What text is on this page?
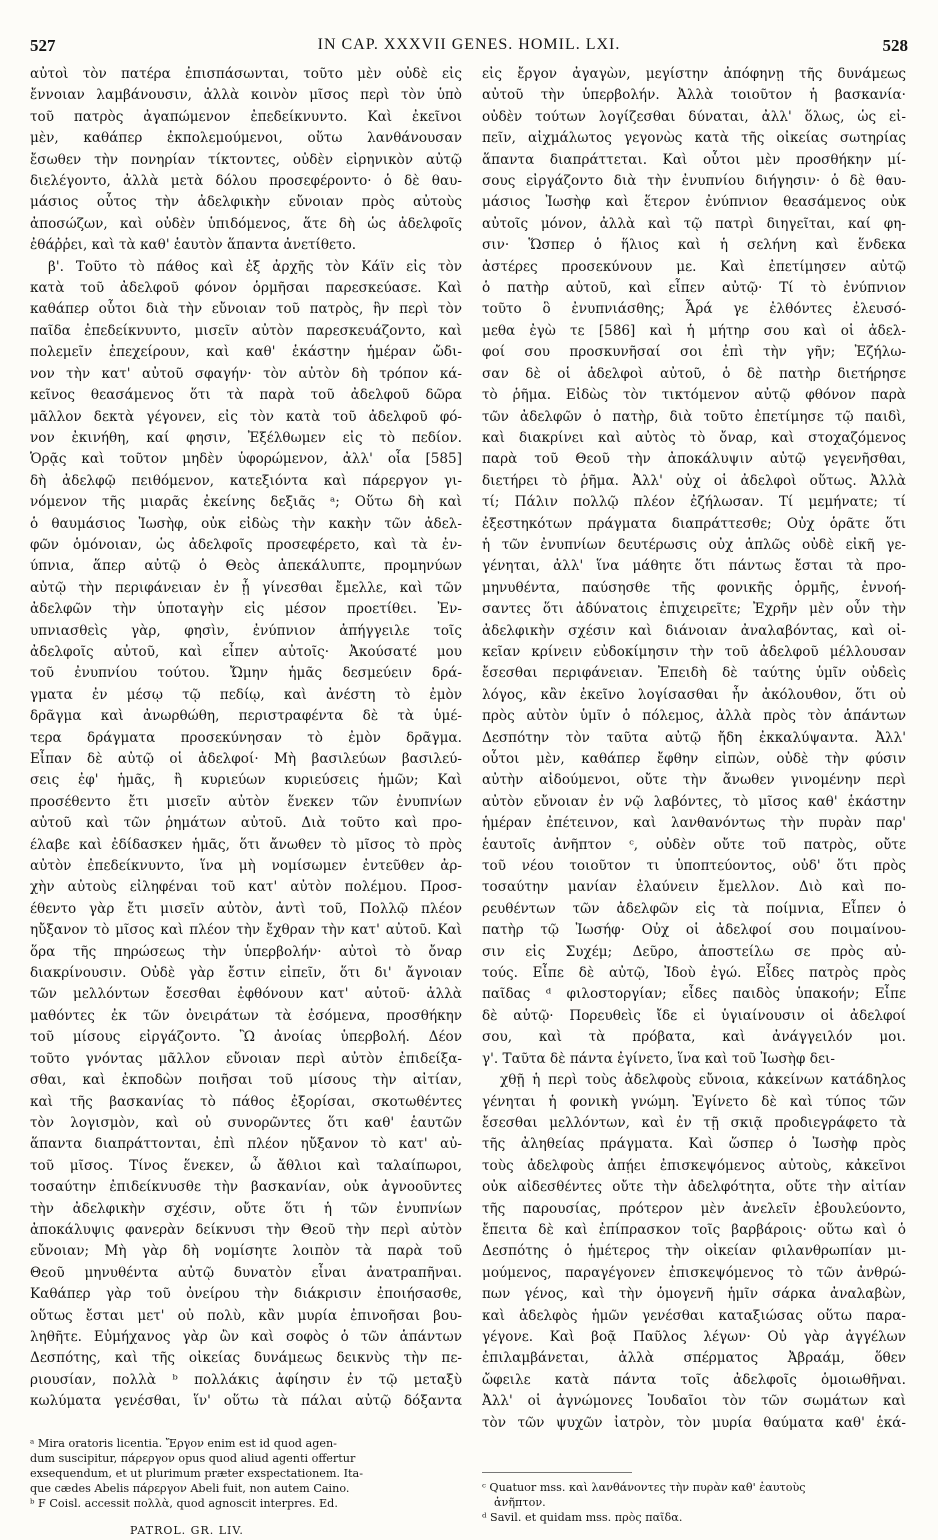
527	IN CAP. XXXVII GENES. HOMIL. LXI.	528
αὐτοὶ τὸν πατέρα ἐπισπάσωνται, τοῦτο μὲν οὐδὲ εἰς
ἔννοιαν λαμβάνουσιν, ἀλλὰ κοινὸν μῖσος περὶ τὸν ὑπὸ
τοῦ πατρὸς ἀγαπώμενον ἐπεδείκνυντο. Καὶ ἐκεῖνοι
μὲν, καθάπερ ἐκπολεμούμενοι, οὕτω λανθάνουσαν
ἔσωθεν τὴν πονηρίαν τίκτοντες, οὐδὲν εἰρηνικὸν αὐτῷ
διελέγοντο, ἀλλὰ μετὰ δόλου προσεφέροντο· ὁ δὲ θαυ-
μάσιος οὗτος τὴν ἀδελφικὴν εὔνοιαν πρὸς αὐτοὺς
ἀποσώζων, καὶ οὐδὲν ὑπιδόμενος, ἅτε δὴ ὡς ἀδελφοῖς
ἐθάῤῥει, καὶ τὰ καθ' ἑαυτὸν ἅπαντα ἀνετίθετο.
β'. Τοῦτο τὸ πάθος καὶ ἐξ ἀρχῆς τὸν Κάϊν εἰς τὸν
κατὰ τοῦ ἀδελφοῦ φόνον ὁρμῆσαι παρεσκεύασε. Καὶ
καθάπερ οὗτοι διὰ τὴν εὔνοιαν τοῦ πατρὸς, ἣν περὶ τὸν
παῖδα ἐπεδείκνυντο, μισεῖν αὐτὸν παρεσκευάζοντο, καὶ
πολεμεῖν ἐπεχείρουν, καὶ καθ' ἑκάστην ἡμέραν ὤδι-
νον τὴν κατ' αὐτοῦ σφαγήν· τὸν αὐτὸν δὴ τρόπον κά-
κεῖνος θεασάμενος ὅτι τὰ παρὰ τοῦ ἀδελφοῦ δῶρα
μᾶλλον δεκτὰ γέγονεν, εἰς τὸν κατὰ τοῦ ἀδελφοῦ φό-
νον ἐκινήθη, καί φησιν, Ἐξέλθωμεν εἰς τὸ πεδίον.
Ὁρᾷς καὶ τοῦτον μηδὲν ὑφορώμενον, ἀλλ' οἷα [585]
δὴ ἀδελφῷ πειθόμενον, κατεξιόντα καὶ πάρεργον γι-
νόμενον τῆς μιαρᾶς ἐκείνης δεξιᾶς ᵃ; Οὕτω δὴ καὶ
ὁ θαυμάσιος Ἰωσὴφ, οὐκ εἰδὼς τὴν κακὴν τῶν ἀδελ-
φῶν ὁμόνοιαν, ὡς ἀδελφοῖς προσεφέρετο, καὶ τὰ ἐν-
ύπνια, ἅπερ αὐτῷ ὁ Θεὸς ἀπεκάλυπτε, προμηνύων
αὐτῷ τὴν περιφάνειαν ἐν ᾗ γίνεσθαι ἔμελλε, καὶ τῶν
ἀδελφῶν τὴν ὑποταγὴν εἰς μέσον προετίθει. Ἐν-
υπνιασθεὶς γὰρ, φησὶν, ἐνύπνιον ἀπήγγειλε τοῖς
ἀδελφοῖς αὐτοῦ, καὶ εἶπεν αὐτοῖς· Ἀκούσατέ μου
τοῦ ἐνυπνίου τούτου. Ὤμην ἡμᾶς δεσμεύειν δρά-
γματα ἐν μέσῳ τῷ πεδίῳ, καὶ ἀνέστη τὸ ἐμὸν
δρᾶγμα καὶ ἀνωρθώθη, περιστραφέντα δὲ τὰ ὑμέ-
τερα δράγματα προσεκύνησαν τὸ ἐμὸν δρᾶγμα.
Εἶπαν δὲ αὐτῷ οἱ ἀδελφοί· Μὴ βασιλεύων βασιλεύ-
σεις ἐφ' ἡμᾶς, ἢ κυριεύων κυριεύσεις ἡμῶν; Καὶ
προσέθεντο ἔτι μισεῖν αὐτὸν ἕνεκεν τῶν ἐνυπνίων
αὐτοῦ καὶ τῶν ῥημάτων αὐτοῦ. Διὰ τοῦτο καὶ προ-
έλαβε καὶ ἐδίδασκεν ἡμᾶς, ὅτι ἄνωθεν τὸ μῖσος τὸ πρὸς
αὐτὸν ἐπεδείκνυντο, ἵνα μὴ νομίσωμεν ἐντεῦθεν ἀρ-
χὴν αὐτοὺς εἰληφέναι τοῦ κατ' αὐτὸν πολέμου. Προσ-
έθεντο γὰρ ἔτι μισεῖν αὐτὸν, ἀντὶ τοῦ, Πολλῷ πλέον
ηὔξανον τὸ μῖσος καὶ πλέον τὴν ἔχθραν τὴν κατ' αὐτοῦ. Καὶ
ὅρα τῆς πηρώσεως τὴν ὑπερβολήν· αὐτοὶ τὸ ὄναρ
διακρίνουσιν. Οὐδὲ γὰρ ἔστιν εἰπεῖν, ὅτι δι' ἄγνοιαν
τῶν μελλόντων ἔσεσθαι ἐφθόνουν κατ' αὐτοῦ· ἀλλὰ
μαθόντες ἐκ τῶν ὀνειράτων τὰ ἐσόμενα, προσθήκην
τοῦ μίσους εἰργάζοντο. Ὢ ἀνοίας ὑπερβολή. Δέον
τοῦτο γνόντας μᾶλλον εὔνοιαν περὶ αὐτὸν ἐπιδείξα-
σθαι, καὶ ἐκποδὼν ποιῆσαι τοῦ μίσους τὴν αἰτίαν,
καὶ τῆς βασκανίας τὸ πάθος ἐξορίσαι, σκοτωθέντες
τὸν λογισμὸν, καὶ οὐ συνορῶντες ὅτι καθ' ἑαυτῶν
ἅπαντα διαπράττονται, ἐπὶ πλέον ηὔξανον τὸ κατ' αὐ-
τοῦ μῖσος. Τίνος ἕνεκεν, ὦ ἄθλιοι καὶ ταλαίπωροι,
τοσαύτην ἐπιδείκνυσθε τὴν βασκανίαν, οὐκ ἀγνοοῦντες
τὴν ἀδελφικὴν σχέσιν, οὔτε ὅτι ἡ τῶν ἐνυπνίων
ἀποκάλυψις φανερὰν δείκνυσι τὴν Θεοῦ τὴν περὶ αὐτὸν
εὔνοιαν; Μὴ γὰρ δὴ νομίσητε λοιπὸν τὰ παρὰ τοῦ
Θεοῦ μηνυθέντα αὐτῷ δυνατὸν εἶναι ἀνατραπῆναι.
Καθάπερ γὰρ τοῦ ὀνείρου τὴν διάκρισιν ἐποιήσασθε,
οὕτως ἔσται μετ' οὐ πολὺ, κἂν μυρία ἐπινοῆσαι βου-
ληθῆτε. Εὐμήχανος γὰρ ὢν καὶ σοφὸς ὁ τῶν ἁπάντων
Δεσπότης, καὶ τῆς οἰκείας δυνάμεως δεικνὺς τὴν πε-
ριουσίαν, πολλὰ ᵇ πολλάκις ἀφίησιν ἐν τῷ μεταξὺ
κωλύματα γενέσθαι, ἵν' οὕτω τὰ πάλαι αὐτῷ δόξαντα
εἰς ἔργον ἀγαγὼν, μεγίστην ἀπόφηνῃ τῆς δυνάμεως
αὐτοῦ τὴν ὑπερβολήν. Ἀλλὰ τοιοῦτον ἡ βασκανία·
οὐδὲν τούτων λογίζεσθαι δύναται, ἀλλ' ὅλως, ὡς εἰ-
πεῖν, αἰχμάλωτος γεγονὼς κατὰ τῆς οἰκείας σωτηρίας
ἅπαντα διαπράττεται. Καὶ οὗτοι μὲν προσθήκην μί-
σους εἰργάζοντο διὰ τὴν ἐνυπνίου διήγησιν· ὁ δὲ θαυ-
μάσιος Ἰωσὴφ καὶ ἕτερον ἐνύπνιον θεασάμενος οὐκ
αὐτοῖς μόνον, ἀλλὰ καὶ τῷ πατρὶ διηγεῖται, καί φη-
σιν· Ὥσπερ ὁ ἥλιος καὶ ἡ σελήνη καὶ ἕνδεκα
ἀστέρες προσεκύνουν με. Καὶ ἐπετίμησεν αὐτῷ
ὁ πατὴρ αὐτοῦ, καὶ εἶπεν αὐτῷ· Τί τὸ ἐνύπνιον
τοῦτο ὃ ἐνυπνιάσθης; Ἆρά γε ἐλθόντες ἐλευσό-
μεθα ἐγὼ τε [586] καὶ ἡ μήτηρ σου καὶ οἱ ἀδελ-
φοί σου προσκυνῆσαί σοι ἐπὶ τὴν γῆν; Ἐζήλω-
σαν δὲ οἱ ἀδελφοὶ αὐτοῦ, ὁ δὲ πατὴρ διετήρησε
τὸ ῥῆμα. Εἰδὼς τὸν τικτόμενον αὐτῷ φθόνον παρὰ
τῶν ἀδελφῶν ὁ πατὴρ, διὰ τοῦτο ἐπετίμησε τῷ παιδὶ,
καὶ διακρίνει καὶ αὐτὸς τὸ ὄναρ, καὶ στοχαζόμενος
παρὰ τοῦ Θεοῦ τὴν ἀποκάλυψιν αὐτῷ γεγενῆσθαι,
διετήρει τὸ ῥῆμα. Ἀλλ' οὐχ οἱ ἀδελφοὶ οὕτως. Ἀλλὰ
τί; Πάλιν πολλῷ πλέον ἐζήλωσαν. Τί μεμήνατε; τί
ἐξεστηκότων πράγματα διαπράττεσθε; Οὐχ ὁρᾶτε ὅτι
ἡ τῶν ἐνυπνίων δευτέρωσις οὐχ ἁπλῶς οὐδὲ εἰκῆ γε-
γένηται, ἀλλ' ἵνα μάθητε ὅτι πάντως ἔσται τὰ προ-
μηνυθέντα, παύσησθε τῆς φονικῆς ὁρμῆς, ἐννοή-
σαντες ὅτι ἀδύνατοις ἐπιχειρεῖτε; Ἐχρῆν μὲν οὖν τὴν
ἀδελφικὴν σχέσιν καὶ διάνοιαν ἀναλαβόντας, καὶ οἰ-
κεῖαν κρίνειν εὐδοκίμησιν τὴν τοῦ ἀδελφοῦ μέλλουσαν
ἔσεσθαι περιφάνειαν. Ἐπειδὴ δὲ ταύτης ὑμῖν οὐδεὶς
λόγος, κἂν ἐκεῖνο λογίσασθαι ἦν ἀκόλουθον, ὅτι οὐ
πρὸς αὐτὸν ὑμῖν ὁ πόλεμος, ἀλλὰ πρὸς τὸν ἁπάντων
Δεσπότην τὸν ταῦτα αὐτῷ ἤδη ἐκκαλύψαντα. Ἀλλ'
οὗτοι μὲν, καθάπερ ἔφθην εἰπὼν, οὐδὲ τὴν φύσιν
αὐτὴν αἰδούμενοι, οὔτε τὴν ἄνωθεν γινομένην περὶ
αὐτὸν εὔνοιαν ἐν νῷ λαβόντες, τὸ μῖσος καθ' ἑκάστην
ἡμέραν ἐπέτεινον, καὶ λανθανόντως τὴν πυρὰν παρ'
ἑαυτοῖς ἀνῆπτον ᶜ, οὐδὲν οὔτε τοῦ πατρὸς, οὔτε
τοῦ νέου τοιοῦτον τι ὑποπτεύοντος, οὐδ' ὅτι πρὸς
τοσαύτην μανίαν ἐλαύνειν ἔμελλον. Διὸ καὶ πο-
ρευθέντων τῶν ἀδελφῶν εἰς τὰ ποίμνια, Εἶπεν ὁ
πατὴρ τῷ Ἰωσήφ· Οὐχ οἱ ἀδελφοί σου ποιμαίνου-
σιν εἰς Συχέμ; Δεῦρο, ἀποστείλω σε πρὸς αὐ-
τούς. Εἶπε δὲ αὐτῷ, Ἰδοὺ ἐγώ. Εἶδες πατρὸς πρὸς
παῖδας ᵈ φιλοστοργίαν; εἶδες παιδὸς ὑπακοήν; Εἶπε
δὲ αὐτῷ· Πορευθεὶς ἴδε εἰ ὑγιαίνουσιν οἱ ἀδελφοί
σου, καὶ τὰ πρόβατα, καὶ ἀνάγγειλόν μοι.
γ'. Ταῦτα δὲ πάντα ἐγίνετο, ἵνα καὶ τοῦ Ἰωσὴφ δει-
χθῇ ἡ περὶ τοὺς ἀδελφοὺς εὔνοια, κἀκείνων κατάδηλος
γένηται ἡ φονικὴ γνώμη. Ἐγίνετο δὲ καὶ τύπος τῶν
ἔσεσθαι μελλόντων, καὶ ἐν τῇ σκιᾷ προδιεγράφετο τὰ
τῆς ἀληθείας πράγματα. Καὶ ὥσπερ ὁ Ἰωσὴφ πρὸς
τοὺς ἀδελφοὺς ἀπῄει ἐπισκεψόμενος αὐτοὺς, κἀκεῖνοι
οὐκ αἰδεσθέντες οὔτε τὴν ἀδελφότητα, οὔτε τὴν αἰτίαν
τῆς παρουσίας, πρότερον μὲν ἀνελεῖν ἐβουλεύοντο,
ἔπειτα δὲ καὶ ἐπίπρασκον τοῖς βαρβάροις· οὕτω καὶ ὁ
Δεσπότης ὁ ἡμέτερος τὴν οἰκείαν φιλανθρωπίαν μι-
μούμενος, παραγέγονεν ἐπισκεψόμενος τὸ τῶν ἀνθρώ-
πων γένος, καὶ τὴν ὁμογενῆ ἡμῖν σάρκα ἀναλαβὼν,
καὶ ἀδελφὸς ἡμῶν γενέσθαι καταξιώσας οὕτω παρα-
γέγονε. Καὶ βοᾷ Παῦλος λέγων· Οὐ γὰρ ἀγγέλων
ἐπιλαμβάνεται, ἀλλὰ σπέρματος Ἀβραάμ, ὅθεν
ὤφειλε κατὰ πάντα τοῖς ἀδελφοῖς ὁμοιωθῆναι.
Ἀλλ' οἱ ἀγνώμονες Ἰουδαῖοι τὸν τῶν σωμάτων καὶ
τὸν τῶν ψυχῶν ἰατρὸν, τὸν μυρία θαύματα καθ' ἑκά-
ᵃ Mira oratoris licentia. Ἔργον enim est id quod agen-
dum suscipitur, πάρεργον opus quod aliud agenti offertur
exsequendum, et ut plurimum præter exspectationem. Ita-
que cædes Abelis πάρεργον Abeli fuit, non autem Caino.
ᵇ F Coisl. accessit πολλὰ, quod agnoscit interpres. Ed.
ᶜ Quatuor mss. καὶ λανθάνοντες τὴν πυρὰν καθ' ἑαυτοὺς
ἀνῆπτον.
ᵈ Savil. et quidam mss. πρὸς παῖδα.
PATROL. GR. LIV.
